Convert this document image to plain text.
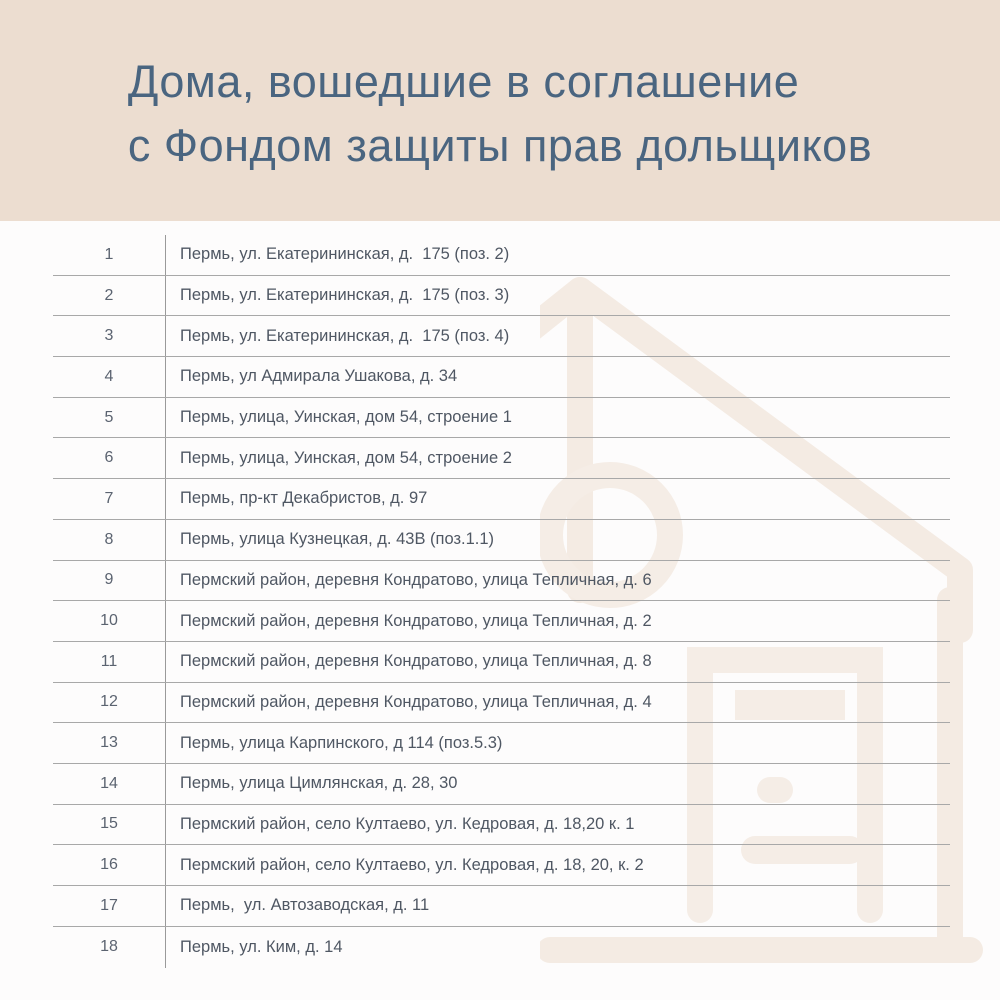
Дома, вошедшие в соглашение

с Фондом защиты прав дольщиков

1	Пермь, ул. Екатерининская, д.  175 (поз. 2)
2	Пермь, ул. Екатерининская, д.  175 (поз. 3)
3	Пермь, ул. Екатерининская, д.  175 (поз. 4)
4	Пермь, ул Адмирала Ушакова, д. 34
5	Пермь, улица, Уинская, дом 54, строение 1
6	Пермь, улица, Уинская, дом 54, строение 2
7	Пермь, пр-кт Декабристов, д. 97
8	Пермь, улица Кузнецкая, д. 43В (поз.1.1)
9	Пермский район, деревня Кондратово, улица Тепличная, д. 6
10	Пермский район, деревня Кондратово, улица Тепличная, д. 2
11	Пермский район, деревня Кондратово, улица Тепличная, д. 8
12	Пермский район, деревня Кондратово, улица Тепличная, д. 4
13	Пермь, улица Карпинского, д 114 (поз.5.3)
14	Пермь, улица Цимлянская, д. 28, 30
15	Пермский район, село Култаево, ул. Кедровая, д. 18,20 к. 1
16	Пермский район, село Култаево, ул. Кедровая, д. 18, 20, к. 2
17	Пермь,  ул. Автозаводская, д. 11
18	Пермь, ул. Ким, д. 14
